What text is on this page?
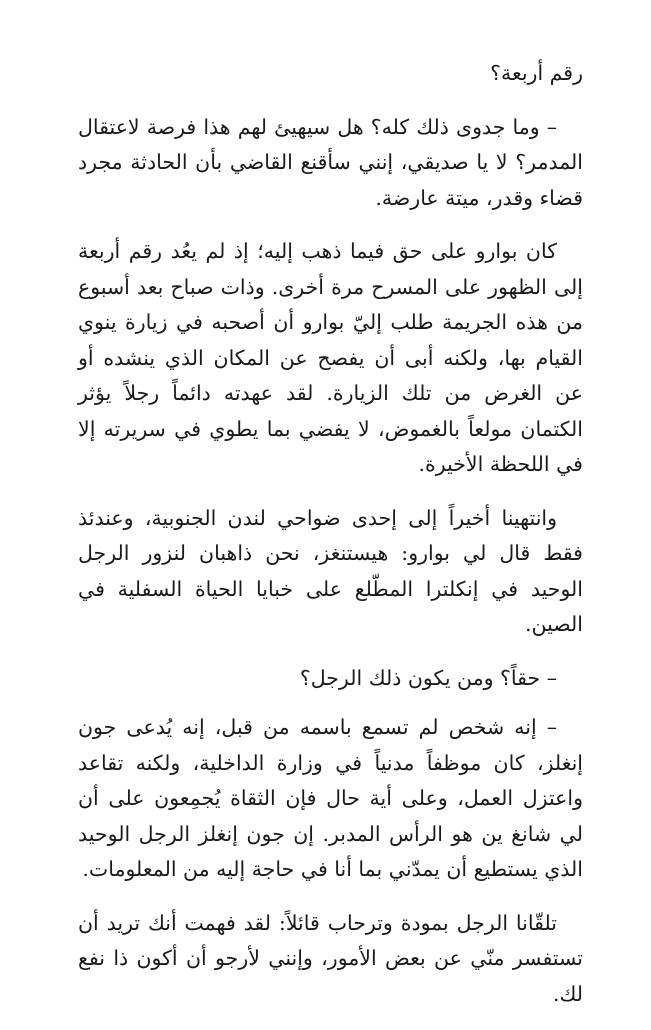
رقم أربعة؟

– وما جدوى ذلك كله؟ هل سيهيئ لهم هذا فرصة لاعتقال المدمر؟ لا يا صديقي، إنني سأقنع القاضي بأن الحادثة مجرد قضاء وقدر، ميتة عارضة.

كان بوارو على حق فيما ذهب إليه؛ إذ لم يعُد رقم أربعة إلى الظهور على المسرح مرة أخرى. وذات صباح بعد أسبوع من هذه الجريمة طلب إليّ بوارو أن أصحبه في زيارة ينوي القيام بها، ولكنه أبى أن يفصح عن المكان الذي ينشده أو عن الغرض من تلك الزيارة. لقد عهدته دائماً رجلاً يؤثر الكتمان مولعاً بالغموض، لا يفضي بما يطوي في سريرته إلا في اللحظة الأخيرة.

وانتهينا أخيراً إلى إحدى ضواحي لندن الجنوبية، وعندئذ فقط قال لي بوارو: هيستنغز، نحن ذاهبان لنزور الرجل الوحيد في إنكلترا المطّلع على خبايا الحياة السفلية في الصين.

– حقاً؟ ومن يكون ذلك الرجل؟

– إنه شخص لم تسمع باسمه من قبل، إنه يُدعى جون إنغلز، كان موظفاً مدنياً في وزارة الداخلية، ولكنه تقاعد واعتزل العمل، وعلى أية حال فإن الثقاة يُجمِعون على أن لي شانغ ين هو الرأس المدبر. إن جون إنغلز الرجل الوحيد الذي يستطيع أن يمدّني بما أنا في حاجة إليه من المعلومات.

تلقّانا الرجل بمودة وترحاب قائلاً: لقد فهمت أنك تريد أن تستفسر منّي عن بعض الأمور، وإنني لأرجو أن أكون ذا نفع لك.
